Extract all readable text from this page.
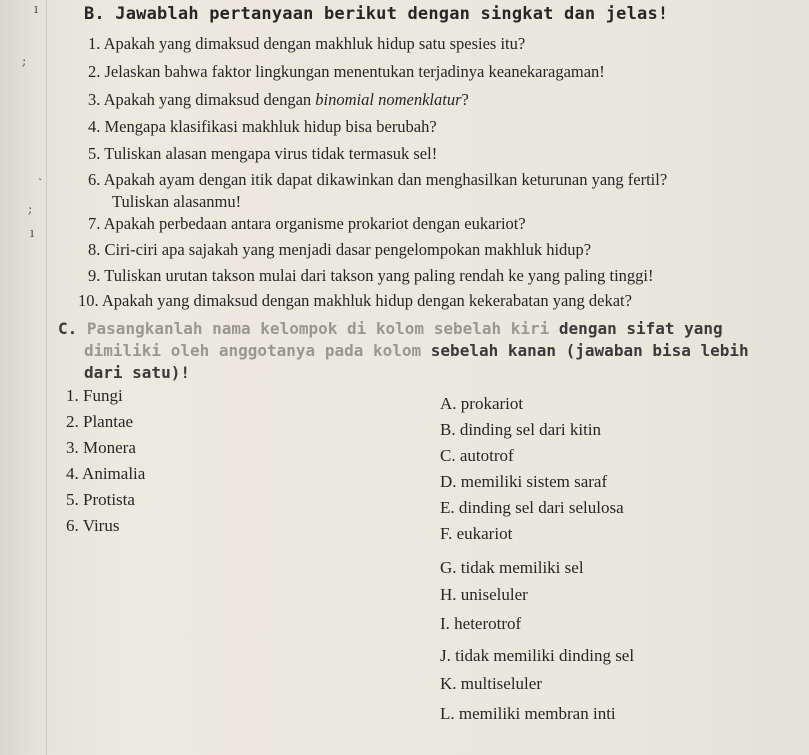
ı
;
ˏ
;
ı
B. Jawablah pertanyaan berikut dengan singkat dan jelas!
1. Apakah yang dimaksud dengan makhluk hidup satu spesies itu?
2. Jelaskan bahwa faktor lingkungan menentukan terjadinya keanekaragaman!
3. Apakah yang dimaksud dengan binomial nomenklatur?
4. Mengapa klasifikasi makhluk hidup bisa berubah?
5. Tuliskan alasan mengapa virus tidak termasuk sel!
6. Apakah ayam dengan itik dapat dikawinkan dan menghasilkan keturunan yang fertil?
Tuliskan alasanmu!
7. Apakah perbedaan antara organisme prokariot dengan eukariot?
8. Ciri-ciri apa sajakah yang menjadi dasar pengelompokan makhluk hidup?
9. Tuliskan urutan takson mulai dari takson yang paling rendah ke yang paling tinggi!
10. Apakah yang dimaksud dengan makhluk hidup dengan kekerabatan yang dekat?
C. Pasangkanlah nama kelompok di kolom sebelah kiri dengan sifat yang
dimiliki oleh anggotanya pada kolom sebelah kanan (jawaban bisa lebih
dari satu)!
1. Fungi
2. Plantae
3. Monera
4. Animalia
5. Protista
6. Virus
A. prokariot
B. dinding sel dari kitin
C. autotrof
D. memiliki sistem saraf
E. dinding sel dari selulosa
F. eukariot
G. tidak memiliki sel
H. uniseluler
I. heterotrof
J. tidak memiliki dinding sel
K. multiseluler
L. memiliki membran inti
